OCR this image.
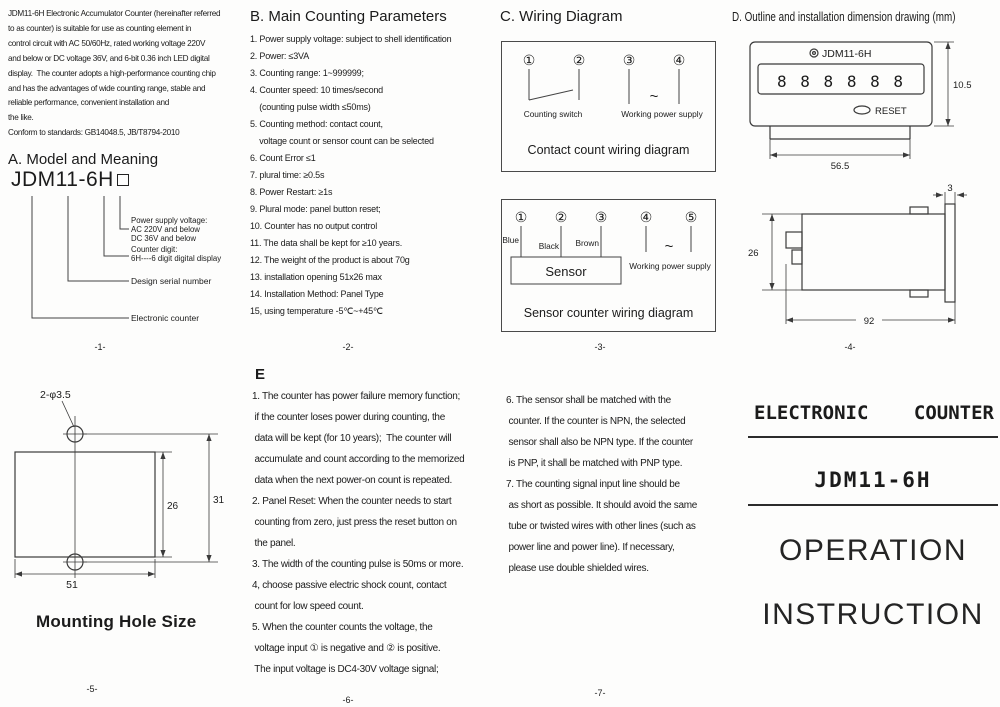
JDM11-6H Electronic Accumulator Counter (hereinafter referred
to as counter) is suitable for use as counting element in
control circuit with AC 50/60Hz, rated working voltage 220V
and below or DC voltage 36V, and 6-bit 0.36 inch LED digital
display.  The counter adopts a high-performance counting chip
and has the advantages of wide counting range, stable and
reliable performance, convenient installation and
the like.
Conform to standards: GB14048.5, JB/T8794-2010
A. Model and Meaning
JDM11-6H
Power supply voltage:
AC 220V and below
DC 36V and below
Counter digit:
6H----6 digit digital display
Design serial number
Electronic counter
-1-
B. Main Counting Parameters
1. Power supply voltage: subject to shell identification
2. Power: ≤3VA
3. Counting range: 1~999999;
4. Counter speed: 10 times/second
(counting pulse width ≤50ms)
5. Counting method: contact count,
voltage count or sensor count can be selected
6. Count Error ≤1
7. plural time: ≥0.5s
8. Power Restart: ≥1s
9. Plural mode: panel button reset;
10. Counter has no output control
11. The data shall be kept for ≥10 years.
12. The weight of the product is about 70g
13. installation opening 51x26 max
14. Installation Method: Panel Type
15, using temperature -5℃~+45℃
-2-
C. Wiring Diagram
①	②	③	④
~
Counting switch	Working power supply
Contact count wiring diagram
① ② ③ ④ ⑤
Blue
Black Brown
Sensor
~
Working power supply
Sensor counter wiring diagram
-3-
D. Outline and installation dimension drawing (mm)
JDM11-6H
8 8 8 8 8 8
RESET
10.5
56.5
3
26
92
-4-
2-φ3.5
26
31
51
Mounting Hole Size
-5-
E
1. The counter has power failure memory function;
if the counter loses power during counting, the
data will be kept (for 10 years);  The counter will
accumulate and count according to the memorized
data when the next power-on count is repeated.
2. Panel Reset: When the counter needs to start
counting from zero, just press the reset button on
the panel.
3. The width of the counting pulse is 50ms or more.
4, choose passive electric shock count, contact
count for low speed count.
5. When the counter counts the voltage, the
voltage input ① is negative and ② is positive.
The input voltage is DC4-30V voltage signal;
6. The sensor shall be matched with the
counter. If the counter is NPN, the selected
sensor shall also be NPN type. If the counter
is PNP, it shall be matched with PNP type.
7. The counting signal input line should be
as short as possible. It should avoid the same
tube or twisted wires with other lines (such as
power line and power line). If necessary,
please use double shielded wires.
-6-
-7-
ELECTRONIC COUNTER
JDM11-6H
OPERATION
INSTRUCTION
